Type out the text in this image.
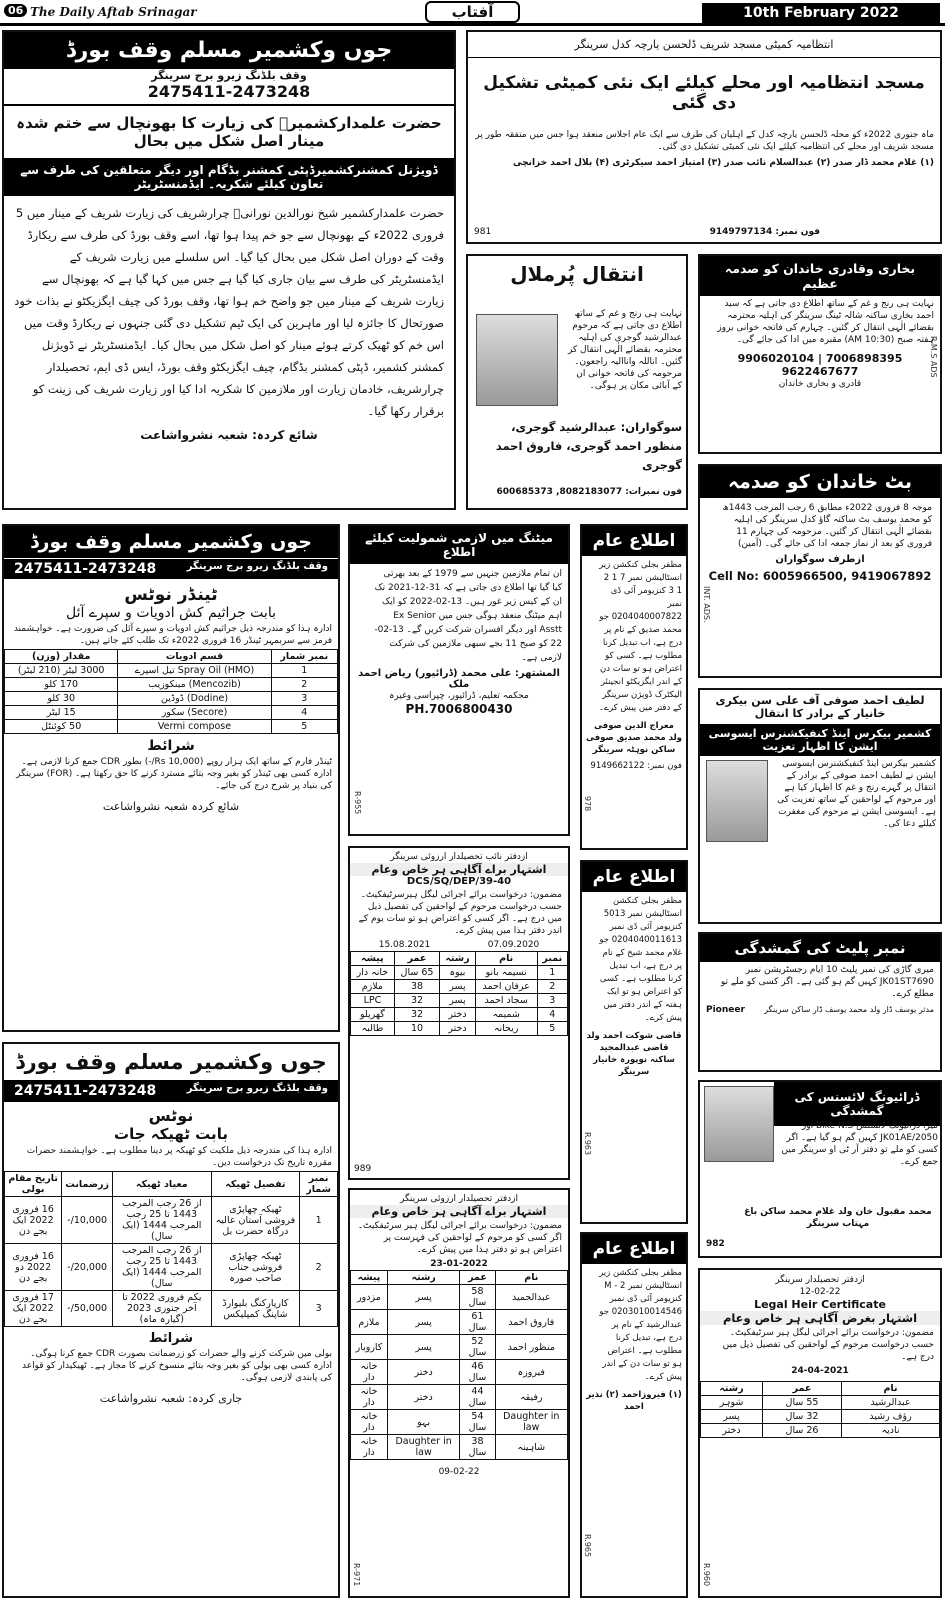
06 The Daily Aftab Srinagar	آفتاب	10th February 2022
جوں وکشمیر مسلم وقف بورڈ
وقف بلڈنگ زیرو برج سرینگر
2475411-2473248
حضرت علمدارکشمیرؒ کی زیارت کا بھونچال سے ختم شدہ مینار اصل شکل میں بحال
ڈویژنل کمشنرکشمیرڈپٹی کمشنر بڈگام اور دیگر متعلقین کی طرف سے تعاون کیلئے شکریہ۔ ایڈمنسٹریٹر
حضرت علمدارکشمیر شیخ نورالدین نورانیؒ چرارشریف کی زیارت شریف کے مینار میں 5 فروری 2022ء کے بھونچال سے جو خم پیدا ہوا تھا، اسے وقف بورڈ کی طرف سے ریکارڈ وقت کے دوران اصل شکل میں بحال کیا گیا۔ اس سلسلے میں زیارت شریف کے ایڈمنسٹریٹر کی طرف سے بیان جاری کیا گیا ہے جس میں کہا گیا ہے کہ بھونچال سے زیارت شریف کے مینار میں جو واضح خم ہوا تھا، وقف بورڈ کی چیف ایگزیکٹو نے بذات خود صورتحال کا جائزہ لیا اور ماہرین کی ایک ٹیم تشکیل دی گئی جنہوں نے ریکارڈ وقت میں اس خم کو ٹھیک کرتے ہوئے مینار کو اصل شکل میں بحال کیا۔ ایڈمنسٹریٹر نے ڈویژنل کمشنر کشمیر، ڈپٹی کمشنر بڈگام، چیف ایگزیکٹو وقف بورڈ، ایس ڈی ایم، تحصیلدار چرارشریف، خادمان زیارت اور ملازمین کا شکریہ ادا کیا اور زیارت شریف کی زینت کو برقرار رکھا گیا۔
شائع کردہ: شعبہ نشرواشاعت
انتظامیہ کمیٹی مسجد شریف ڈلحسن یارچہ کدل سرینگر
مسجد انتظامیہ اور محلے کیلئے ایک نئی کمیٹی تشکیل دی گئی
ماہ جنوری 2022ء کو محلہ ڈلحسن یارچہ کدل کے اہلیان کی طرف سے ایک عام اجلاس منعقد ہوا جس میں متفقہ طور پر مسجد شریف اور محلے کی انتظامیہ کیلئے ایک نئی کمیٹی تشکیل دی گئی۔
(۱) غلام محمد ڈار صدر (۲) عبدالسلام نائب صدر (۳) امتیاز احمد سیکرٹری (۴) بلال احمد خزانچی
981	فون نمبر: 9149797134
انتقال پُرملال
نہایت ہی رنج و غم کے ساتھ اطلاع دی جاتی ہے کہ مرحوم عبدالرشید گوجری کی اہلیہ محترمہ بقضائے الٰہی انتقال کر گئیں۔ اناللہ واناالیہ راجعون۔ مرحومہ کی فاتحہ خوانی ان کے آبائی مکان پر ہوگی۔
سوگواران: عبدالرشید گوجری، منظور احمد گوجری، فاروق احمد گوجری
فون نمبرات: 8082183077, 600685373
بخاری وقادری خاندان کو صدمہ عظیم
نہایت ہی رنج و غم کے ساتھ اطلاع دی جاتی ہے کہ سید احمد بخاری ساکنہ شالہ ٹینگ سرینگر کی اہلیہ محترمہ بقضائے الٰہی انتقال کر گئیں۔ چہارم کی فاتحہ خوانی بروز ہفتہ صبح (10:30 AM) مقبرہ میں ادا کی جائے گی۔
9906020104 | 7006898395
9622467677
قادری و بخاری خاندان
R.M.S ADS
بٹ خاندان کو صدمہ
موجہ 8 فروری 2022ء مطابق 6 رجب المرجب 1443ھ کو محمد یوسف بٹ ساکنہ گاؤ کدل سرینگر کی اہلیہ بقضائے الٰہی انتقال کر گئیں۔ مرحومہ کی چہارم 11 فروری کو بعد از نماز جمعہ ادا کی جائے گی۔ (آمین)
ازطرف سوگواران
Cell No: 6005966500, 9419067892
INT. ADS.
لطیف احمد صوفی آف علی سن بیکری خانیار کے برادر کا انتقال
کشمیر بیکرس اینڈ کنفیکشنرس ایسوسی ایشن کا اظہار تعزیت
کشمیر بیکرس اینڈ کنفیکشنرس ایسوسی ایشن نے لطیف احمد صوفی کے برادر کے انتقال پر گہرے رنج و غم کا اظہار کیا ہے اور مرحوم کے لواحقین کے ساتھ تعزیت کی ہے۔ ایسوسی ایشن نے مرحوم کی مغفرت کیلئے دعا کی۔
جوں وکشمیر مسلم وقف بورڈ
2475411-2473248	وقف بلڈنگ زیرو برج سرینگر
ٹینڈر نوٹس
بابت جراثیم کش ادویات و سپرے آئل
ادارہ ہذا کو مندرجہ ذیل جراثیم کش ادویات و سپرے آئل کی ضرورت ہے۔ خواہشمند فرمز سے سربمہر ٹینڈر 16 فروری 2022ء تک طلب کئے جاتے ہیں۔
نمبر شمار	قسم ادویات	مقدار (وزن)
1	Spray Oil (HMO) تیل اسپرے	3000 لیٹر (210 لیٹر)
2	(Mencozib) مینکوزیب	170 کلو
3	(Dodine) ڈوڈین	30 کلو
4	(Secore) سکور	15 لیٹر
5	Vermi compose	50 کوئنٹل
شرائط
ٹینڈر فارم کے ساتھ ایک ہزار روپے (Rs 10,000/-) بطور CDR جمع کرنا لازمی ہے۔ ادارہ کسی بھی ٹینڈر کو بغیر وجہ بتائے مسترد کرنے کا حق رکھتا ہے۔ (FOR) سرینگر کی بنیاد پر شرح درج کی جائے۔
شائع کردہ شعبہ نشرواشاعت
میٹنگ میں لازمی شمولیت کیلئے اطلاع
ان تمام ملازمین جنہیں سے 1979 کے بعد بھرتی کیا گیا تھا اطلاع دی جاتی ہے کہ 31-12-2021 تک ان کے کیس زیر غور ہیں۔ 13-02-2022 کو ایک اہم میٹنگ منعقد ہوگی جس میں Ex Senior Asstt اور دیگر افسران شرکت کریں گے۔ 13-02-22 کو صبح 11 بجے سبھی ملازمین کی شرکت لازمی ہے۔
المشتھر: علی محمد (ڈرائیور) ریاض احمد ملک
محکمہ تعلیم، ڈرائیور، چپراسی وغیرہ
PH.7006800430
R-955
ازدفتر نائب تحصیلدار ارزوئی سرینگر
اشتہار براے آگاہی ہر خاص وعام
DCS/SQ/DEP/39-40
مضمون: درخواست برائے اجرائی لیگل ہیرسرٹیفکیٹ۔ حسب درخواست مرحوم کے لواحقین کی تفصیل ذیل میں درج ہے۔ اگر کسی کو اعتراض ہو تو سات یوم کے اندر دفتر ہذا میں پیش کرے۔
15.08.2021	07.09.2020
نمبر	نام	رشتہ	عمر	پیشہ
1	نسیمہ بانو	بیوہ	65 سال	خانہ دار
2	عرفان احمد	پسر	38	ملازم
3	سجاد احمد	پسر	32	LPC
4	شمیمہ	دختر	32	گھریلو
5	ریحانہ	دختر	10	طالبہ
989
اطلاع عام
مظفر بجلی کنکشن زیر انسٹالیشن نمبر 7 1 2 1 3 کنزیومر آئی ڈی نمبر 0204040007822 جو محمد صدیق کے نام پر درج ہے، اب تبدیل کرنا مطلوب ہے۔ کسی کو اعتراض ہو تو سات دن کے اندر ایگزیکٹو انجینئر الیکٹرک ڈویژن سرینگر کے دفتر میں پیش کرے۔
معراج الدین صوفی ولد محمد صدیق صوفی ساکن نوہٹہ سرینگر
فون نمبر: 9149662122
978
اطلاع عام
مظفر بجلی کنکشن انسٹالیشن نمبر 5013 کنزیومر آئی ڈی نمبر 0204040011613 جو غلام محمد شیخ کے نام پر درج ہے، اب تبدیل کرنا مطلوب ہے۔ کسی کو اعتراض ہو تو ایک ہفتہ کے اندر دفتر میں پیش کرے۔
قاضی شوکت احمد ولد قاضی عبدالمجید ساکنہ نوپورہ خانیار سرینگر
R.963
اطلاع عام
مظفر بجلی کنکشن زیر انسٹالیشن نمبر M - 2 کنزیومر آئی ڈی نمبر 0203010014546 جو عبدالرشید کے نام پر درج ہے، تبدیل کرنا مطلوب ہے۔ اعتراض ہو تو سات دن کے اندر پیش کرے۔
(۱) فیروزاحمد (۲) نذیر احمد
R.965
نمبر پلیٹ کی گمشدگی
میری گاڑی کی نمبر پلیٹ 10 ایام رجسٹریشن نمبر JK01ST7690 کہیں گم ہو گئی ہے۔ اگر کسی کو ملے تو مطلع کرے۔
مدثر یوسف ڈار ولد محمد یوسف ڈار ساکن سرینگر
Pioneer
ڈرائیونگ لائسنس کی گمشدگی
میرا ڈرائیونگ لائسنس Bike N.S اور JK01AE/2050 کہیں گم ہو گیا ہے۔ اگر کسی کو ملے تو دفتر آر ٹی او سرینگر میں جمع کرے۔
محمد مقبول خان ولد غلام محمد ساکن باغ مہتاب سرینگر
982
جوں وکشمیر مسلم وقف بورڈ
2475411-2473248	وقف بلڈنگ زیرو برج سرینگر
نوٹس
بابت ٹھیکہ جات
ادارہ ہذا کی مندرجہ ذیل ملکیت کو ٹھیکہ پر دینا مطلوب ہے۔ خواہشمند حضرات مقررہ تاریخ تک درخواست دیں۔
نمبر شمار	تفصیل ٹھیکہ	معیاد ٹھیکہ	زرضمانت	تاریخ مقام بولی
1	ٹھیکہ چھاپڑی فروشی آستان عالیہ درگاہ حضرت بل	از 26 رجب المرجب 1443 تا 25 رجب المرجب 1444 (ایک سال)	10,000/-	16 فروری 2022 ایک بجے دن
2	ٹھیکہ چھاپڑی فروشی جناب صاحب صورہ	از 26 رجب المرجب 1443 تا 25 رجب المرجب 1444 (ایک سال)	20,000/-	16 فروری 2022 دو بجے دن
3	کارپارکنگ بلیوارڈ شاپنگ کمپلیکس	یکم فروری 2022 تا آخر جنوری 2023 (گیارہ ماہ)	50,000/-	17 فروری 2022 ایک بجے دن
شرائط
بولی میں شرکت کرنے والے حضرات کو زرضمانت بصورت CDR جمع کرنا ہوگی۔ ادارہ کسی بھی بولی کو بغیر وجہ بتائے منسوخ کرنے کا مجاز ہے۔ ٹھیکیدار کو قواعد کی پابندی لازمی ہوگی۔
جاری کردہ: شعبہ نشرواشاعت
ازدفتر تحصیلدار ارزوئی سرینگر
اشتہار براے آگاہی ہر خاص وعام
مضمون: درخواست برائے اجرائی لیگل ہیر سرٹیفکیٹ۔ اگر کسی کو مرحوم کے لواحقین کی فہرست پر اعتراض ہو تو دفتر ہذا میں پیش کرے۔
23-01-2022
نام	عمر	رشتہ	پیشہ
عبدالحمید	58 سال	پسر	مزدور
فاروق احمد	61 سال	پسر	ملازم
منظور احمد	52 سال	پسر	کاروبار
فیروزہ	46 سال	دختر	خانہ دار
رفیقہ	44 سال	دختر	خانہ دار
Daughter in law	54 سال	بہو	خانہ دار
شاہینہ	38 سال	Daughter in law	خانہ دار
09-02-22
R-971
ازدفتر تحصیلدار سرینگر
12-02-22
Legal Heir Certificate
اشتہار بغرض آگاہی ہر خاص وعام
مضمون: درخواست برائے اجرائی لیگل ہیر سرٹیفکیٹ۔ حسب درخواست مرحوم کے لواحقین کی تفصیل ذیل میں درج ہے۔
24-04-2021
نام	عمر	رشتہ
عبدالرشید	55 سال	شوہر
رؤف رشید	32 سال	پسر
نادیہ	26 سال	دختر
R.960
